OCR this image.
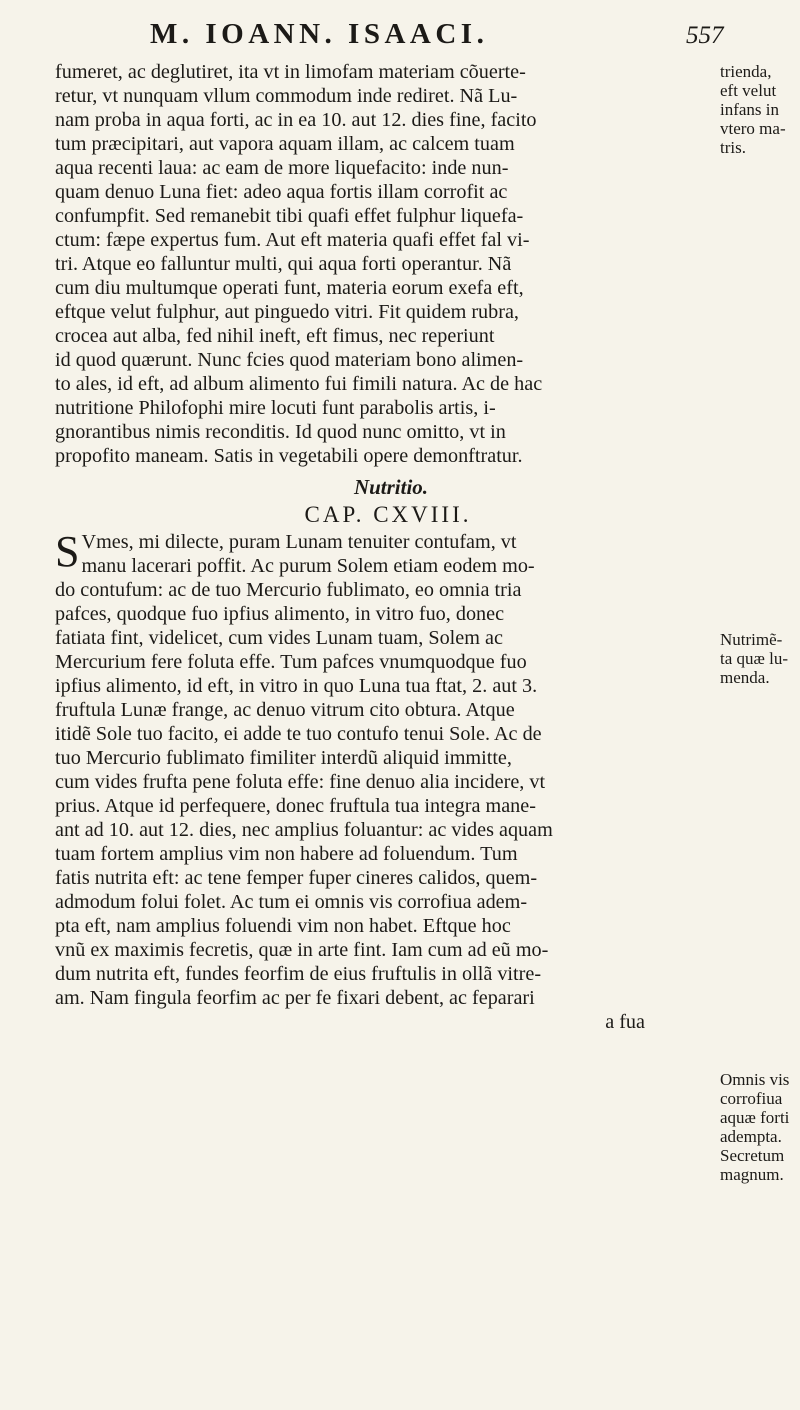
M. IOANN. ISAACI.	557
fumeret, ac deglutiret, ita vt in limofam materiam cõuerte-
retur, vt nunquam vllum commodum inde rediret. Nã Lu-
nam proba in aqua forti, ac in ea 10. aut 12. dies fine, facito
tum præcipitari, aut vapora aquam illam, ac calcem tuam
aqua recenti laua: ac eam de more liquefacito: inde nun-
quam denuo Luna fiet: adeo aqua fortis illam corrofit ac
confumpfit. Sed remanebit tibi quafi effet fulphur liquefa-
ctum: fæpe expertus fum. Aut eft materia quafi effet fal vi-
tri. Atque eo falluntur multi, qui aqua forti operantur. Nã
cum diu multumque operati funt, materia eorum exefa eft,
eftque velut fulphur, aut pinguedo vitri. Fit quidem rubra,
crocea aut alba, fed nihil ineft, eft fimus, nec reperiunt
id quod quærunt. Nunc fcies quod materiam bono alimen-
to ales, id eft, ad album alimento fui fimili natura. Ac de hac
nutritione Philofophi mire locuti funt parabolis artis, i-
gnorantibus nimis reconditis. Id quod nunc omitto, vt in
propofito maneam. Satis in vegetabili opere demonftratur.
Nutritio.
CAP. CXVIII.
S Vmes, mi dilecte, puram Lunam tenuiter contufam, vt
manu lacerari poffit. Ac purum Solem etiam eodem mo-
do contufum: ac de tuo Mercurio fublimato, eo omnia tria
pafces, quodque fuo ipfius alimento, in vitro fuo, donec
fatiata fint, videlicet, cum vides Lunam tuam, Solem ac
Mercurium fere foluta effe. Tum pafces vnumquodque fuo
ipfius alimento, id eft, in vitro in quo Luna tua ftat, 2. aut 3.
fruftula Lunæ frange, ac denuo vitrum cito obtura. Atque
itidẽ Sole tuo facito, ei adde te tuo contufo tenui Sole. Ac de
tuo Mercurio fublimato fimiliter interdũ aliquid immitte,
cum vides frufta pene foluta effe: fine denuo alia incidere, vt
prius. Atque id perfequere, donec fruftula tua integra mane-
ant ad 10. aut 12. dies, nec amplius foluantur: ac vides aquam
tuam fortem amplius vim non habere ad foluendum. Tum
fatis nutrita eft: ac tene femper fuper cineres calidos, quem-
admodum folui folet. Ac tum ei omnis vis corrofiua adem-
pta eft, nam amplius foluendi vim non habet. Eftque hoc
vnũ ex maximis fecretis, quæ in arte fint. Iam cum ad eũ mo-
dum nutrita eft, fundes feorfim de eius fruftulis in ollã vitre-
am. Nam fingula feorfim ac per fe fixari debent, ac feparari
a fua
trienda,
eft velut
infans in
vtero ma-
tris.
Nutrimẽ-
ta quæ lu-
menda.
Omnis vis
corrofiua
aquæ forti
adempta.
Secretum
magnum.
